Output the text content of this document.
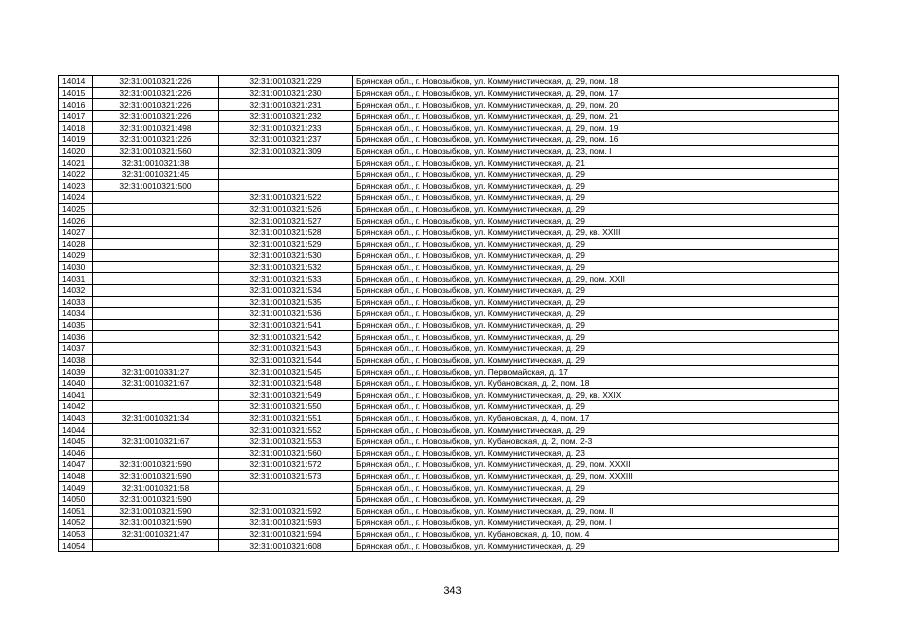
14014	32:31:0010321:226	32:31:0010321:229	Брянская обл., г. Новозыбков, ул. Коммунистическая, д. 29, пом. 18
14015	32:31:0010321:226	32:31:0010321:230	Брянская обл., г. Новозыбков, ул. Коммунистическая, д. 29, пом. 17
14016	32:31:0010321:226	32:31:0010321:231	Брянская обл., г. Новозыбков, ул. Коммунистическая, д. 29, пом. 20
14017	32:31:0010321:226	32:31:0010321:232	Брянская обл., г. Новозыбков, ул. Коммунистическая, д. 29, пом. 21
14018	32:31:0010321:498	32:31:0010321:233	Брянская обл., г. Новозыбков, ул. Коммунистическая, д. 29, пом. 19
14019	32:31:0010321:226	32:31:0010321:237	Брянская обл., г. Новозыбков, ул. Коммунистическая, д. 29, пом. 16
14020	32:31:0010321:560	32:31:0010321:309	Брянская обл., г. Новозыбков, ул. Коммунистическая, д. 23, пом. I
14021	32:31:0010321:38		Брянская обл., г. Новозыбков, ул. Коммунистическая, д. 21
14022	32:31:0010321:45		Брянская обл., г. Новозыбков, ул. Коммунистическая, д. 29
14023	32:31:0010321:500		Брянская обл., г. Новозыбков, ул. Коммунистическая, д. 29
14024		32:31:0010321:522	Брянская обл., г. Новозыбков, ул. Коммунистическая, д. 29
14025		32:31:0010321:526	Брянская обл., г. Новозыбков, ул. Коммунистическая, д. 29
14026		32:31:0010321:527	Брянская обл., г. Новозыбков, ул. Коммунистическая, д. 29
14027		32:31:0010321:528	Брянская обл., г. Новозыбков, ул. Коммунистическая, д. 29, кв. XXIII
14028		32:31:0010321:529	Брянская обл., г. Новозыбков, ул. Коммунистическая, д. 29
14029		32:31:0010321:530	Брянская обл., г. Новозыбков, ул. Коммунистическая, д. 29
14030		32:31:0010321:532	Брянская обл., г. Новозыбков, ул. Коммунистическая, д. 29
14031		32:31:0010321:533	Брянская обл., г. Новозыбков, ул. Коммунистическая, д. 29, пом. XXII
14032		32:31:0010321:534	Брянская обл., г. Новозыбков, ул. Коммунистическая, д. 29
14033		32:31:0010321:535	Брянская обл., г. Новозыбков, ул. Коммунистическая, д. 29
14034		32:31:0010321:536	Брянская обл., г. Новозыбков, ул. Коммунистическая, д. 29
14035		32:31:0010321:541	Брянская обл., г. Новозыбков, ул. Коммунистическая, д. 29
14036		32:31:0010321:542	Брянская обл., г. Новозыбков, ул. Коммунистическая, д. 29
14037		32:31:0010321:543	Брянская обл., г. Новозыбков, ул. Коммунистическая, д. 29
14038		32:31:0010321:544	Брянская обл., г. Новозыбков, ул. Коммунистическая, д. 29
14039	32:31:0010331:27	32:31:0010321:545	Брянская обл., г. Новозыбков, ул. Первомайская, д. 17
14040	32:31:0010321:67	32:31:0010321:548	Брянская обл., г. Новозыбков, ул. Кубановская, д. 2, пом. 18
14041		32:31:0010321:549	Брянская обл., г. Новозыбков, ул. Коммунистическая, д. 29, кв. XXIX
14042		32:31:0010321:550	Брянская обл., г. Новозыбков, ул. Коммунистическая, д. 29
14043	32:31:0010321:34	32:31:0010321:551	Брянская обл., г. Новозыбков, ул. Кубановская, д. 4, пом. 17
14044		32:31:0010321:552	Брянская обл., г. Новозыбков, ул. Коммунистическая, д. 29
14045	32:31:0010321:67	32:31:0010321:553	Брянская обл., г. Новозыбков, ул. Кубановская, д. 2, пом. 2-3
14046		32:31:0010321:560	Брянская обл., г. Новозыбков, ул. Коммунистическая, д. 23
14047	32:31:0010321:590	32:31:0010321:572	Брянская обл., г. Новозыбков, ул. Коммунистическая, д. 29, пом. XXXII
14048	32:31:0010321:590	32:31:0010321:573	Брянская обл., г. Новозыбков, ул. Коммунистическая, д. 29, пом. XXXIII
14049	32:31:0010321:58		Брянская обл., г. Новозыбков, ул. Коммунистическая, д. 29
14050	32:31:0010321:590		Брянская обл., г. Новозыбков, ул. Коммунистическая, д. 29
14051	32:31:0010321:590	32:31:0010321:592	Брянская обл., г. Новозыбков, ул. Коммунистическая, д. 29, пом. II
14052	32:31:0010321:590	32:31:0010321:593	Брянская обл., г. Новозыбков, ул. Коммунистическая, д. 29, пом. I
14053	32:31:0010321:47	32:31:0010321:594	Брянская обл., г. Новозыбков, ул. Кубановская, д. 10, пом. 4
14054		32:31:0010321:608	Брянская обл., г. Новозыбков, ул. Коммунистическая, д. 29
343
